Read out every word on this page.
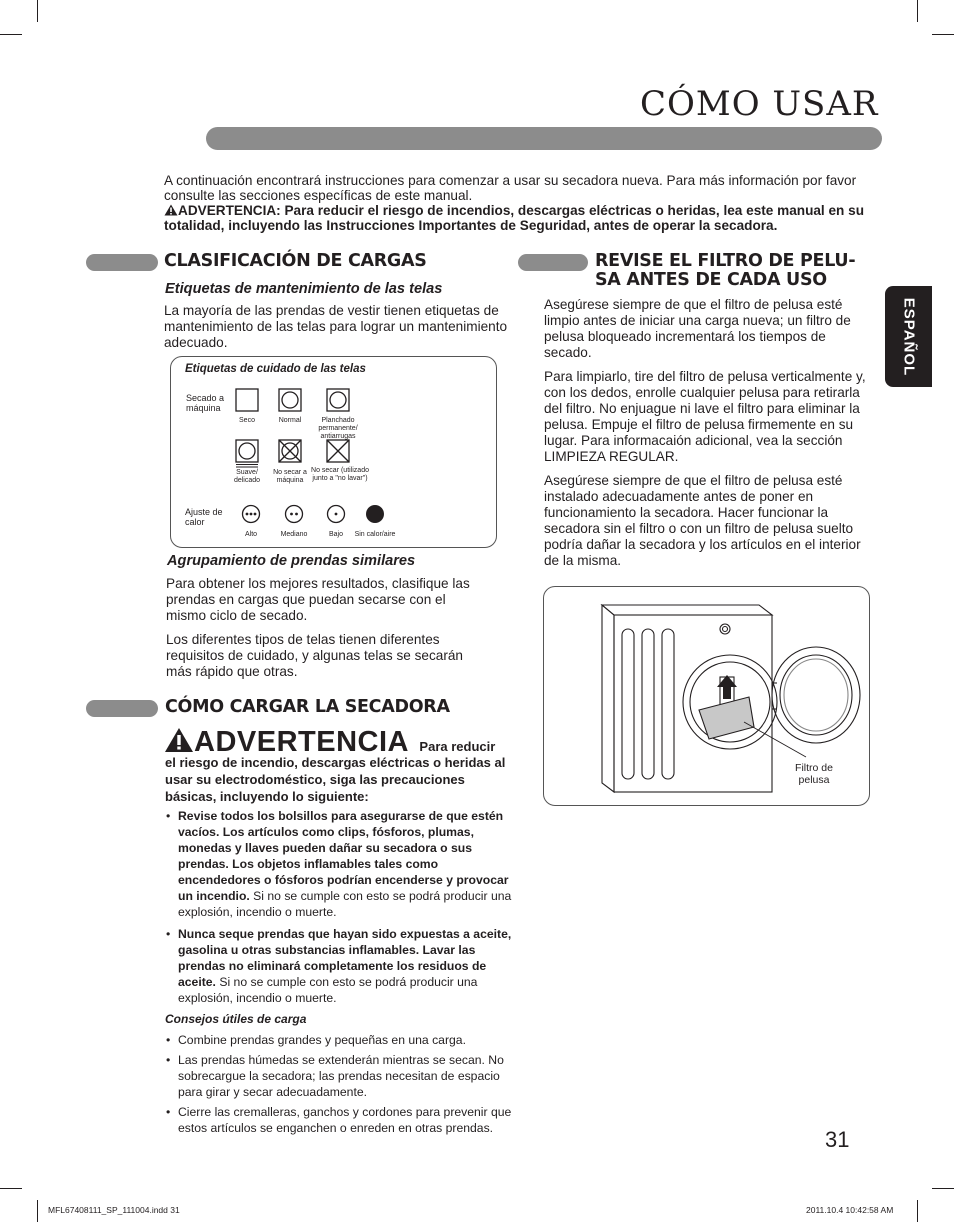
CÓMO USAR

A continuación encontrará instrucciones para comenzar a usar su secadora nueva. Para más información por favor consulte las secciones específicas de este manual.

ADVERTENCIA: Para reducir el riesgo de incendios, descargas eléctricas o heridas, lea este manual en su totalidad, incluyendo las Instrucciones Importantes de Seguridad, antes de operar la secadora.

ESPAÑOL
CLASIFICACIÓN DE CARGAS
Etiquetas de mantenimiento de las telas
La mayoría de las prendas de vestir tienen etiquetas de mantenimiento de las telas para lograr un mantenimiento adecuado.
Etiquetas de cuidado de las telas
Secado a máquina
Seco	Normal	Planchado permanente/ antiarrugas
Suave/ delicado
No secar a máquina
No secar (utilizado junto a "no lavar")
Ajuste de calor
Alto	Mediano	Bajo	Sin calor/aire
Agrupamiento de prendas similares

Para obtener los mejores resultados, clasifique las prendas en cargas que puedan secarse con el mismo ciclo de secado.

Los diferentes tipos de telas tienen diferentes requisitos de cuidado, y algunas telas se secarán más rápido que otras.

CÓMO CARGAR LA SECADORA
ADVERTENCIA Para reducir
el riesgo de incendio, descargas eléctricas o heridas al usar su electrodoméstico, siga las precauciones básicas, incluyendo lo siguiente:
• Revise todos los bolsillos para asegurarse de que estén vacíos. Los artículos como clips, fósforos, plumas, monedas y llaves pueden dañar su secadora o sus prendas. Los objetos inflamables tales como encendedores o fósforos podrían encenderse y provocar un incendio. Si no se cumple con esto se podrá producir una explosión, incendio o muerte.
• Nunca seque prendas que hayan sido expuestas a aceite, gasolina u otras substancias inflamables. Lavar las prendas no eliminará completamente los residuos de aceite. Si no se cumple con esto se podrá producir una explosión, incendio o muerte.
Consejos útiles de carga
• Combine prendas grandes y pequeñas en una carga.
• Las prendas húmedas se extenderán mientras se secan. No sobrecargue la secadora; las prendas necesitan de espacio para girar y secar adecuadamente.
• Cierre las cremalleras, ganchos y cordones para prevenir que estos artículos se enganchen o enreden en otras prendas.
REVISE EL FILTRO DE PELU-
SA ANTES DE CADA USO

Asegúrese siempre de que el filtro de pelusa esté limpio antes de iniciar una carga nueva; un filtro de pelusa bloqueado incrementará los tiempos de secado.

Para limpiarlo, tire del filtro de pelusa verticalmente y, con los dedos, enrolle cualquier pelusa para retirarla del filtro. No enjuague ni lave el filtro para eliminar la pelusa. Empuje el filtro de pelusa firmemente en su lugar. Para informacaión adicional, vea la sección LIMPIEZA REGULAR.

Asegúrese siempre de que el filtro de pelusa esté instalado adecuadamente antes de poner en funcionamiento la secadora. Hacer funcionar la secadora sin el filtro o con un filtro de pelusa suelto podría dañar la secadora y los artículos en el interior de la misma.

Filtro de pelusa
31
MFL67408111_SP_111004.indd 31	2011.10.4 10:42:58 AM
